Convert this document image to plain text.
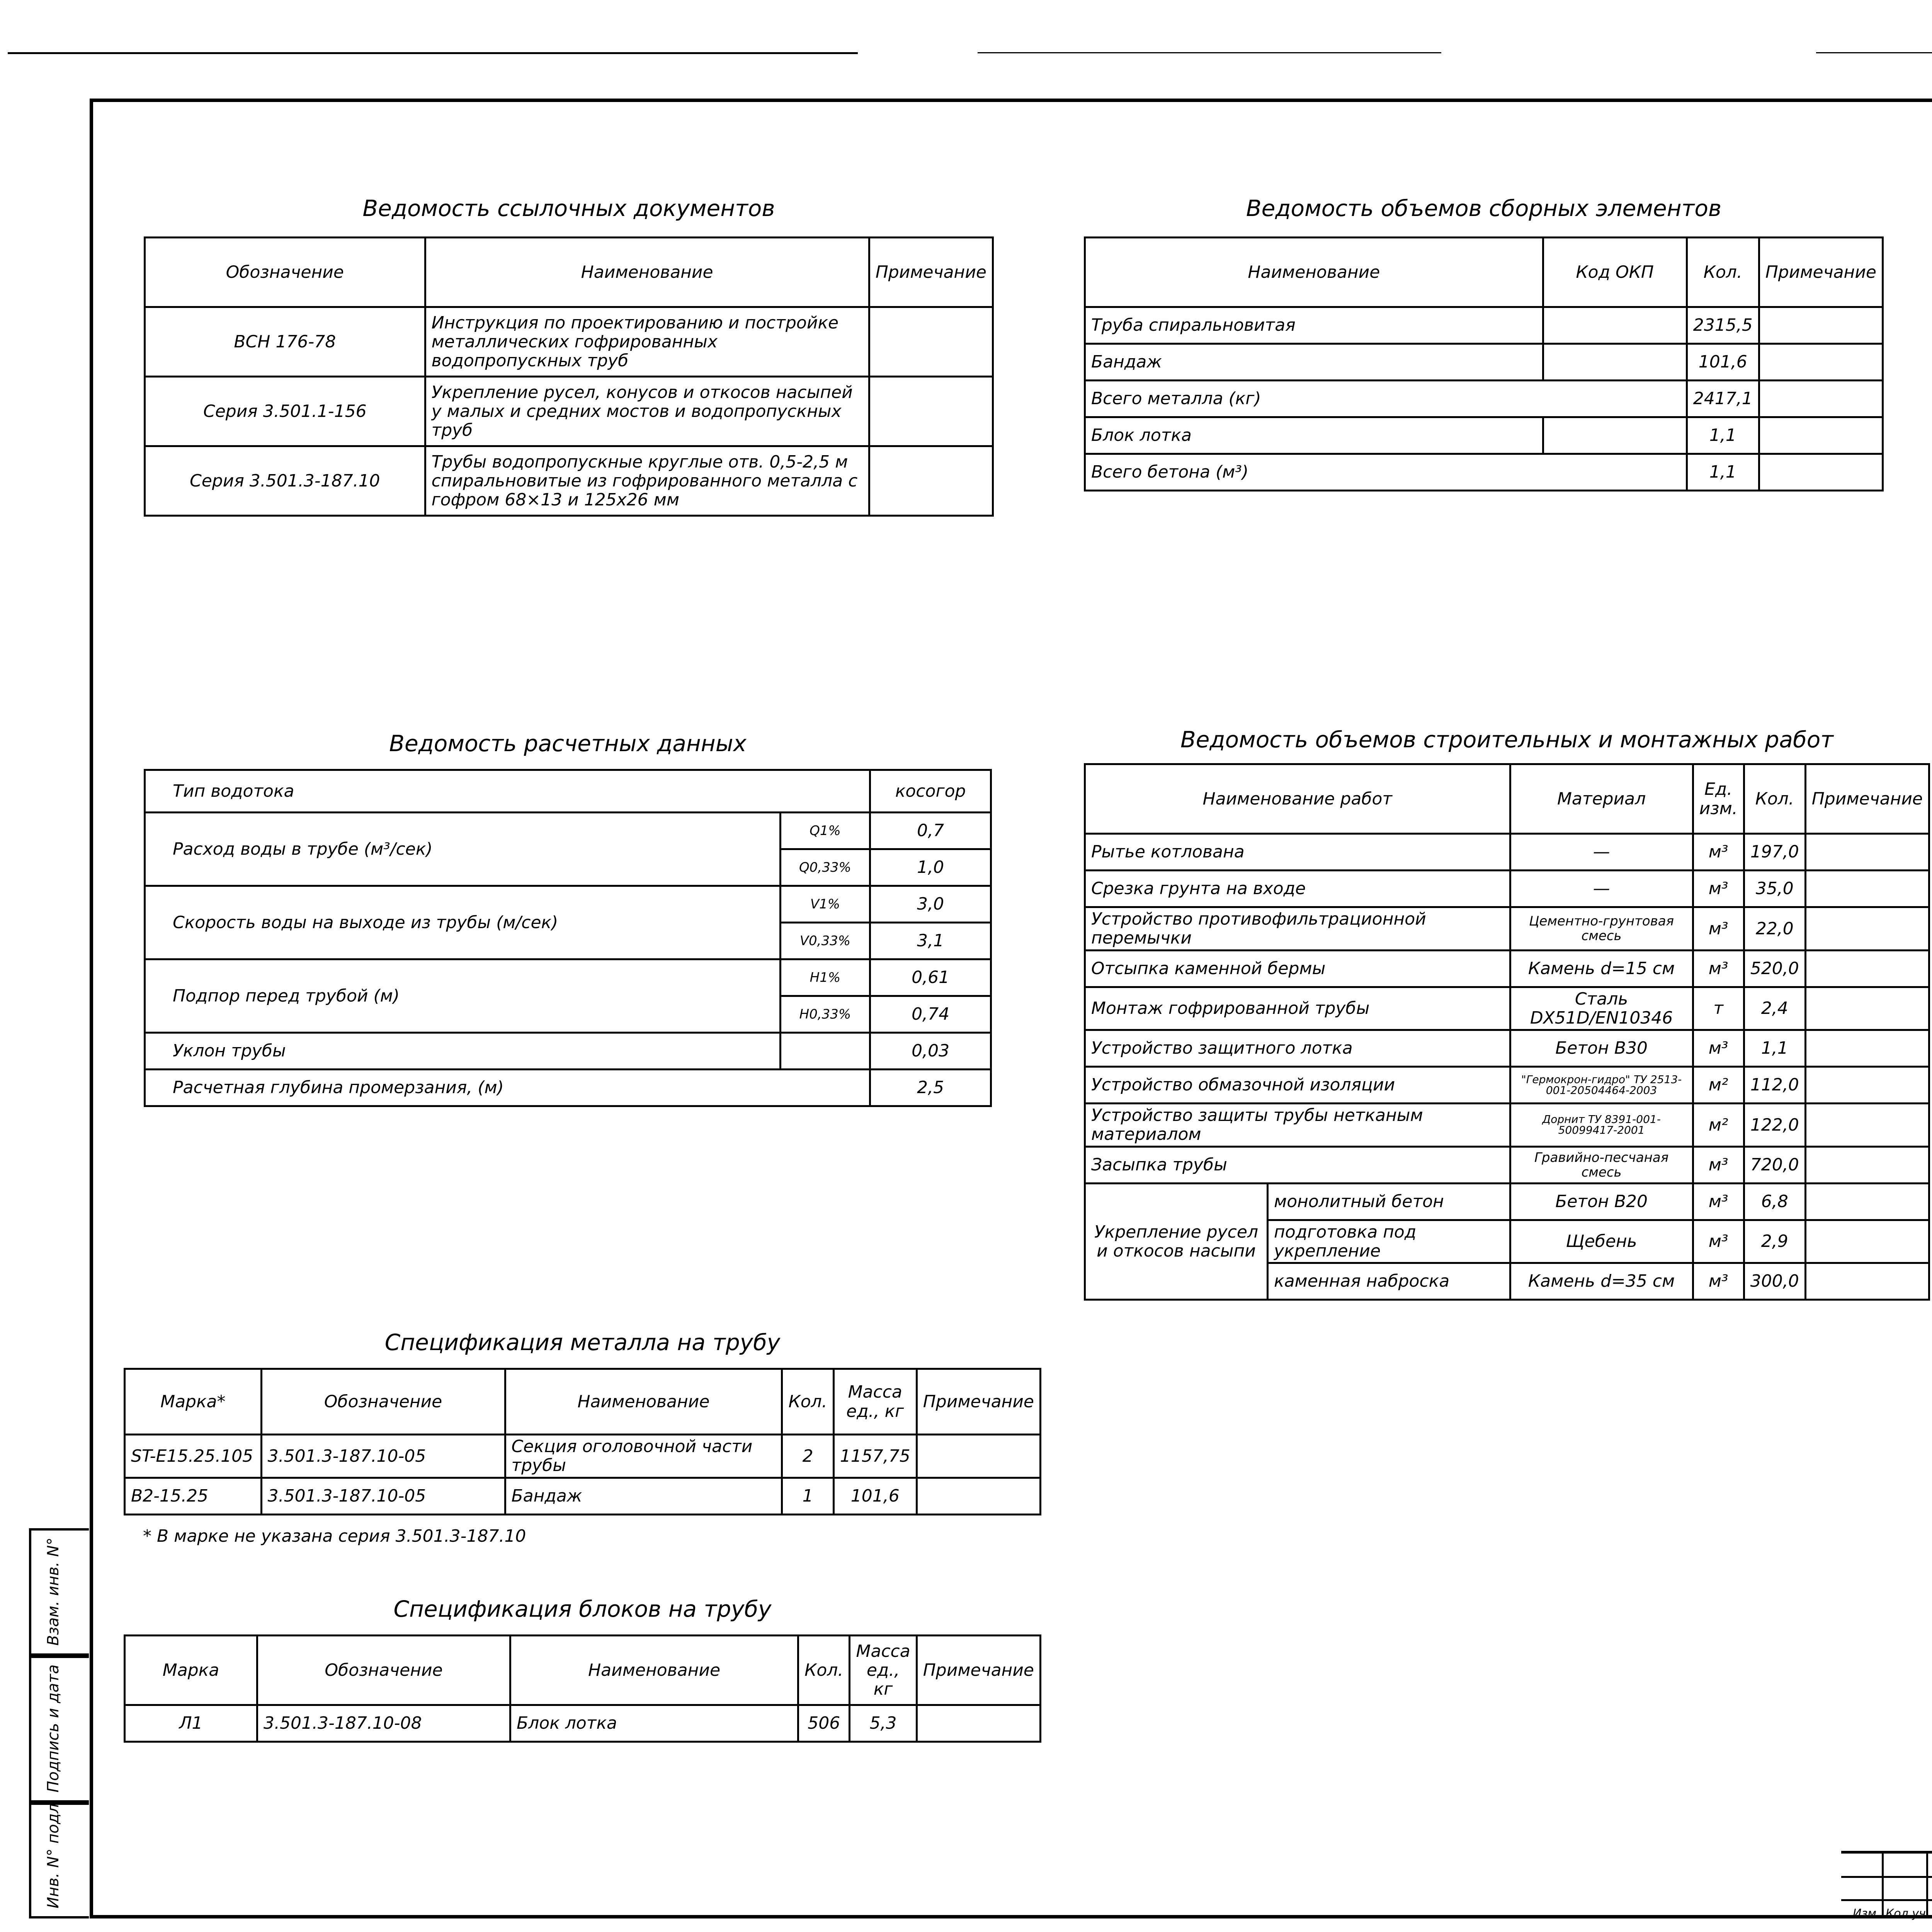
Взам. инв. N°
Подпись и дата
Инв. N° подл.
Ведомость ссылочных документов
Обозначение	Наименование	Примечание
ВСН 176-78	Инструкция по проектированию и постройке металлических гофрированных водопропускных труб	
Серия 3.501.1-156	Укрепление русел, конусов и откосов насыпей у малых и средних мостов и водопропускных труб	
Серия 3.501.3-187.10	Трубы водопропускные круглые отв. 0,5-2,5 м спиральновитые из гофрированного металла с гофром 68×13 и 125х26 мм	
Ведомость объемов сборных элементов
Наименование	Код ОКП	Кол.	Примечание
Труба спиральновитая		2315,5	
Бандаж		101,6	
Всего металла (кг)		2417,1	
Блок лотка		1,1	
Всего бетона (м³)		1,1	
Ведомость расчетных данных
Тип водотока		косогор
Расход воды в трубе (м³/сек)	Q1%	0,7
	Q0,33%	1,0
Скорость воды на выходе из трубы (м/сек)	V1%	3,0
	V0,33%	3,1
Подпор перед трубой (м)	H1%	0,61
	H0,33%	0,74
Уклон трубы		0,03
Расчетная глубина промерзания, (м)		2,5
Ведомость объемов строительных и монтажных работ
Наименование работ		Материал	Ед. изм.	Кол.	Примечание
Рытье котлована		—	м³	197,0	
Срезка грунта на входе		—	м³	35,0	
Устройство противофильтрационной перемычки		Цементно-грунтовая смесь	м³	22,0	
Отсыпка каменной бермы		Камень d=15 см	м³	520,0	
Монтаж гофрированной трубы		Сталь DX51D/EN10346	т	2,4	
Устройство защитного лотка		Бетон В30	м³	1,1	
Устройство обмазочной изоляции		"Гермокрон-гидро" ТУ 2513-001-20504464-2003	м²	112,0	
Устройство защиты трубы нетканым материалом		Дорнит ТУ 8391-001-50099417-2001	м²	122,0	
Засыпка трубы		Гравийно-песчаная смесь	м³	720,0	
Укрепление русел и откосов насыпи	монолитный бетон	Бетон В20	м³	6,8	
	подготовка под укрепление	Щебень	м³	2,9	
	каменная наброска	Камень d=35 см	м³	300,0	
Спецификация металла на трубу
Марка*	Обозначение	Наименование	Кол.	Масса ед., кг	Примечание
ST-E15.25.105	3.501.3-187.10-05	Секция оголовочной части трубы	2	1157,75	
B2-15.25	3.501.3-187.10-05	Бандаж	1	101,6	
* В марке не указана серия 3.501.3-187.10
Спецификация блоков на трубу
Марка	Обозначение	Наименование	Кол.	Масса ед., кг	Примечание
Л1	3.501.3-187.10-08	Блок лотка	506	5,3	
Изм. Кол.уч
